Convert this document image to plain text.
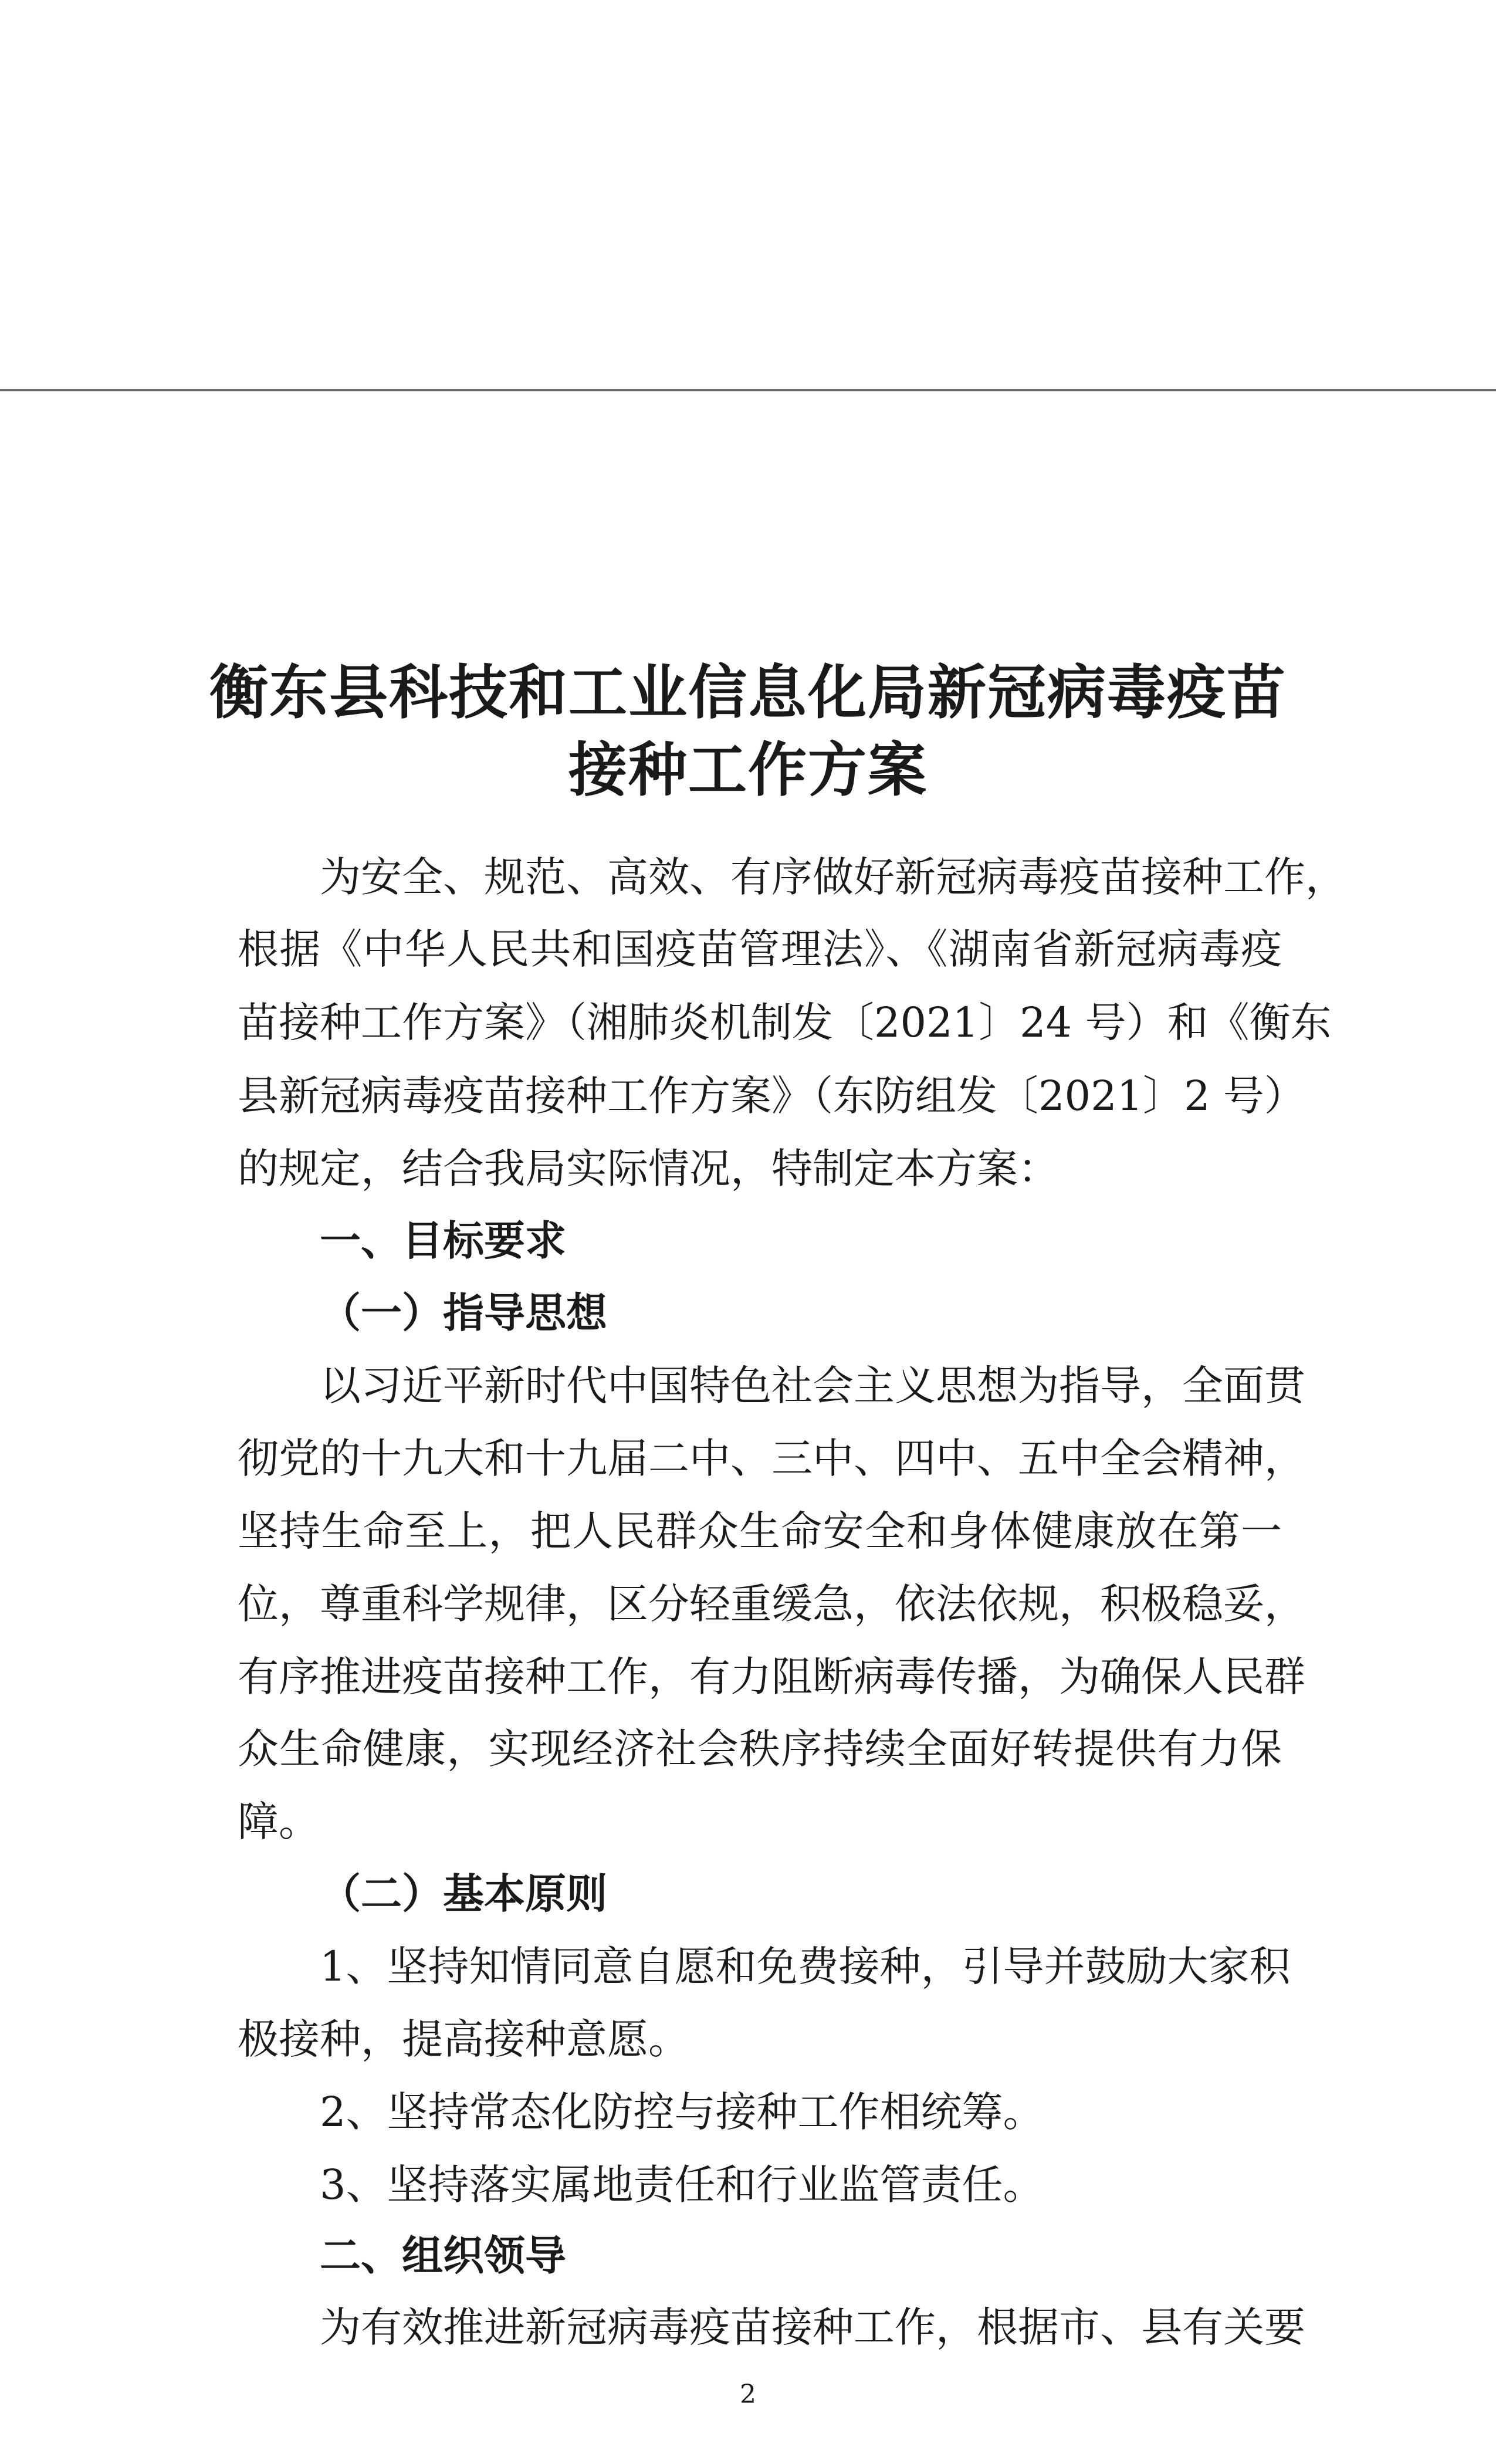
衡东县科技和工业信息化局新冠病毒疫苗
接种工作方案
为安全、规范、高效、有序做好新冠病毒疫苗接种工作，
根据《中华人民共和国疫苗管理法》、《湖南省新冠病毒疫
苗接种工作方案》（湘肺炎机制发〔2021〕24 号）和《衡东
县新冠病毒疫苗接种工作方案》（东防组发〔2021〕2 号）
的规定，结合我局实际情况，特制定本方案：
一、目标要求
（一）指导思想
以习近平新时代中国特色社会主义思想为指导，全面贯
彻党的十九大和十九届二中、三中、四中、五中全会精神，
坚持生命至上，把人民群众生命安全和身体健康放在第一
位，尊重科学规律，区分轻重缓急，依法依规，积极稳妥，
有序推进疫苗接种工作，有力阻断病毒传播，为确保人民群
众生命健康，实现经济社会秩序持续全面好转提供有力保
障。
（二）基本原则
1、坚持知情同意自愿和免费接种，引导并鼓励大家积
极接种，提高接种意愿。
2、坚持常态化防控与接种工作相统筹。
3、坚持落实属地责任和行业监管责任。
二、组织领导
为有效推进新冠病毒疫苗接种工作，根据市、县有关要
2
